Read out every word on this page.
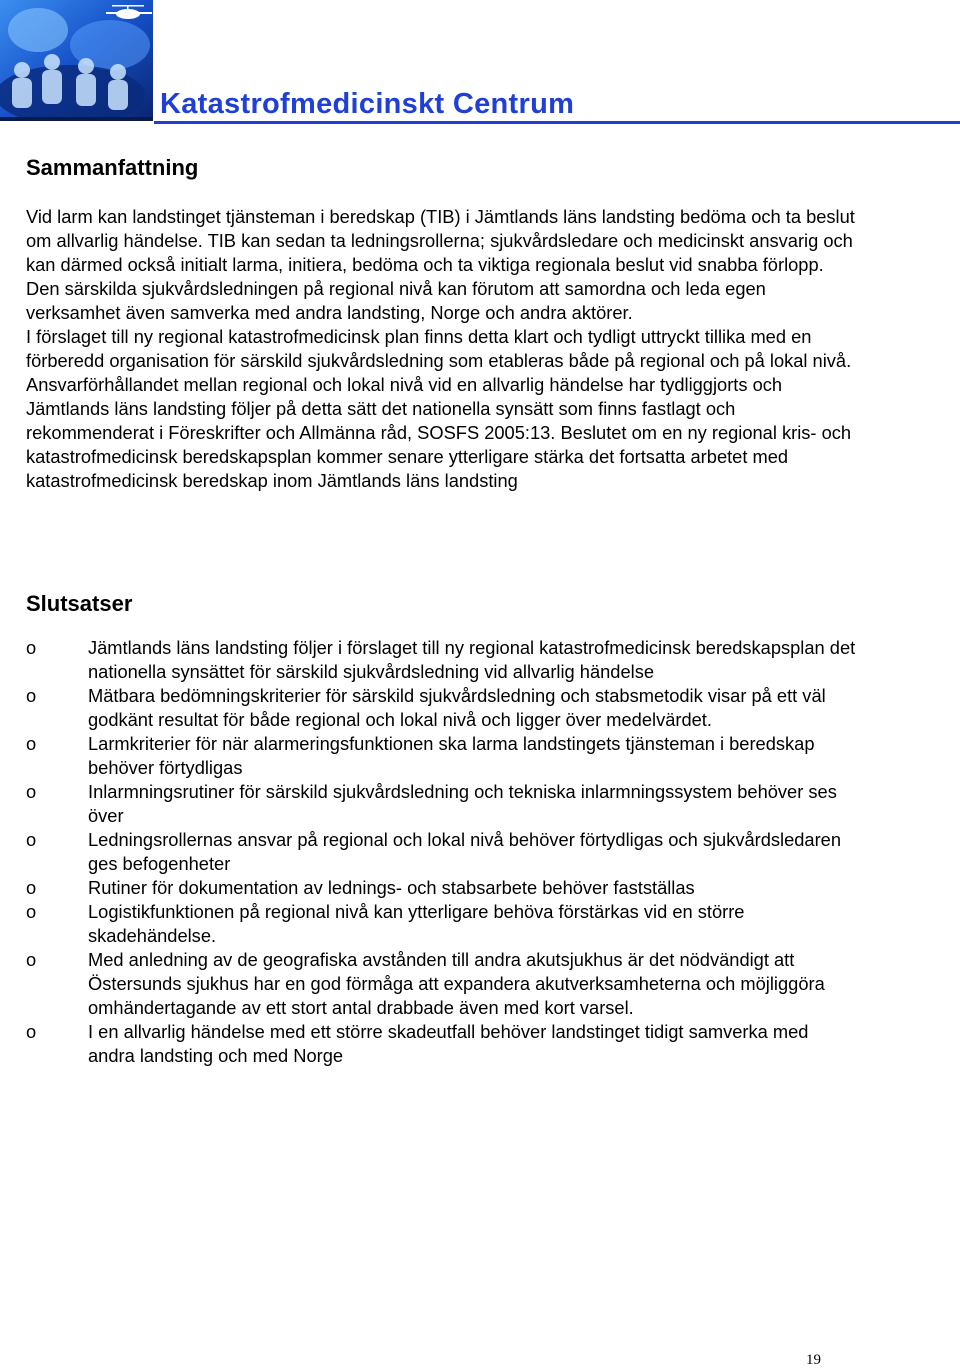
Katastrofmedicinskt Centrum
Sammanfattning
Vid larm kan landstinget tjänsteman i beredskap (TIB) i Jämtlands läns landsting bedöma och ta beslut om allvarlig händelse. TIB kan sedan ta ledningsrollerna; sjukvårdsledare och medicinskt ansvarig och kan därmed också initialt larma, initiera, bedöma och ta viktiga regionala beslut vid snabba förlopp. Den särskilda sjukvårdsledningen på regional nivå kan förutom att samordna och leda egen verksamhet även samverka med andra landsting, Norge och andra aktörer.
I förslaget till ny regional katastrofmedicinsk plan finns detta klart och tydligt uttryckt tillika med en förberedd organisation för särskild sjukvårdsledning som etableras både på regional och på lokal nivå. Ansvarförhållandet mellan regional och lokal nivå vid en allvarlig händelse har tydliggjorts och Jämtlands läns landsting följer på detta sätt det nationella synsätt som finns fastlagt och rekommenderat i Föreskrifter och Allmänna råd, SOSFS 2005:13. Beslutet om en ny regional kris- och katastrofmedicinsk beredskapsplan kommer senare ytterligare stärka det fortsatta arbetet med katastrofmedicinsk beredskap inom Jämtlands läns landsting
Slutsatser
o	Jämtlands läns landsting följer i förslaget till ny regional katastrofmedicinsk beredskapsplan det nationella synsättet för särskild sjukvårdsledning vid allvarlig händelse
o	Mätbara bedömningskriterier för särskild sjukvårdsledning och stabsmetodik visar på ett väl godkänt resultat för både regional och lokal nivå och ligger över medelvärdet.
o	Larmkriterier för när alarmeringsfunktionen ska larma landstingets tjänsteman i beredskap behöver förtydligas
o	Inlarmningsrutiner för särskild sjukvårdsledning och tekniska inlarmningssystem behöver ses över
o	Ledningsrollernas ansvar på regional och lokal nivå behöver förtydligas och sjukvårdsledaren ges befogenheter
o	Rutiner för dokumentation av lednings- och stabsarbete behöver fastställas
o	Logistikfunktionen på regional nivå kan ytterligare behöva förstärkas vid en större skadehändelse.
o	Med anledning av de geografiska avstånden till andra akutsjukhus är det nödvändigt att Östersunds sjukhus har en god förmåga att expandera akutverksamheterna och möjliggöra omhändertagande av ett stort antal drabbade även med kort varsel.
o	I en allvarlig händelse med ett större skadeutfall behöver landstinget tidigt samverka med andra landsting och med Norge
19
